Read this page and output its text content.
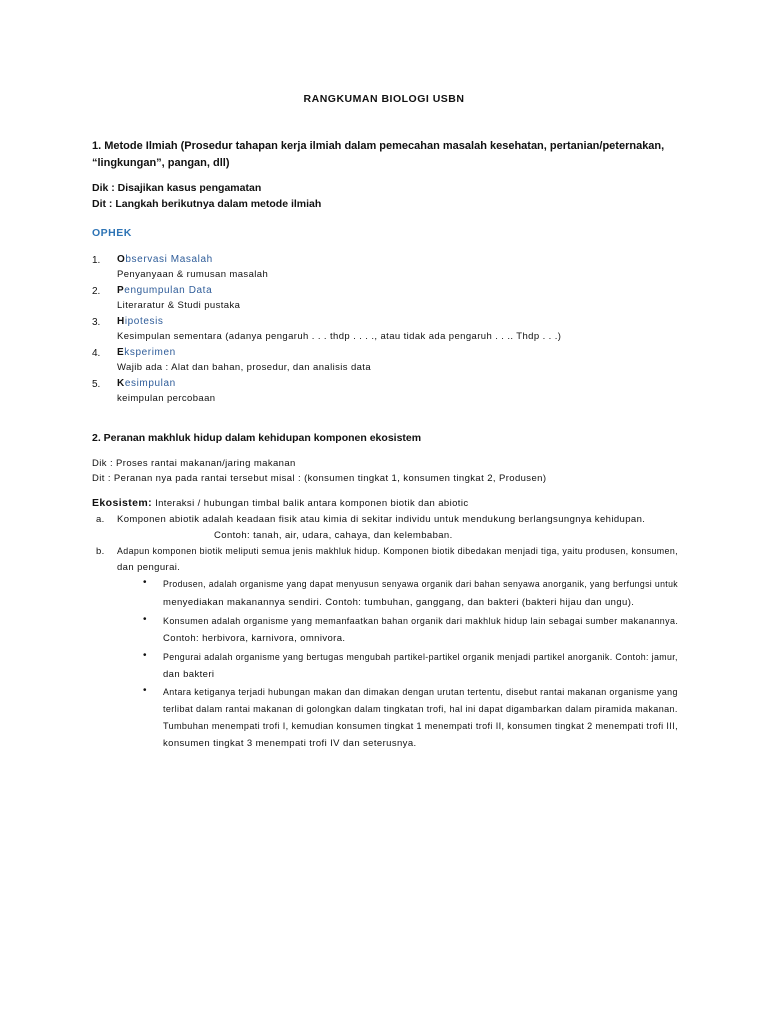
RANGKUMAN BIOLOGI USBN
1. Metode Ilmiah (Prosedur tahapan kerja ilmiah dalam pemecahan masalah kesehatan, pertanian/peternakan,
“lingkungan”, pangan, dll)
Dik : Disajikan kasus pengamatan
Dit : Langkah berikutnya dalam metode ilmiah
OPHEK
1. Observasi Masalah
Penyanyaan & rumusan masalah
2. Pengumpulan Data
Literaratur & Studi pustaka
3. Hipotesis
Kesimpulan sementara (adanya pengaruh . . . thdp . . . ., atau tidak ada pengaruh . . .. Thdp . . .)
4. Eksperimen
Wajib ada : Alat dan bahan, prosedur, dan analisis data
5. Kesimpulan
keimpulan percobaan
2. Peranan makhluk hidup dalam kehidupan komponen ekosistem
Dik : Proses rantai makanan/jaring makanan
Dit : Peranan nya pada rantai tersebut misal : (konsumen tingkat 1, konsumen tingkat 2, Produsen)
Ekosistem: Interaksi / hubungan timbal balik antara komponen biotik dan abiotic
a. Komponen abiotik adalah keadaan fisik atau kimia di sekitar individu untuk mendukung berlangsungnya kehidupan.
Contoh: tanah, air, udara, cahaya, dan kelembaban.
b. Adapun komponen biotik meliputi semua jenis makhluk hidup. Komponen biotik dibedakan menjadi tiga, yaitu produsen, konsumen,
dan pengurai.
• Produsen, adalah organisme yang dapat menyusun senyawa organik dari bahan senyawa anorganik, yang berfungsi untuk
menyediakan makanannya sendiri. Contoh: tumbuhan, ganggang, dan bakteri (bakteri hijau dan ungu).
• Konsumen adalah organisme yang memanfaatkan bahan organik dari makhluk hidup lain sebagai sumber makanannya.
Contoh: herbivora, karnivora, omnivora.
• Pengurai adalah organisme yang bertugas mengubah partikel-partikel organik menjadi partikel anorganik. Contoh: jamur,
dan bakteri
• Antara ketiganya terjadi hubungan makan dan dimakan dengan urutan tertentu, disebut rantai makanan organisme yang
terlibat dalam rantai makanan di golongkan dalam tingkatan trofi, hal ini dapat digambarkan dalam piramida makanan.
Tumbuhan menempati trofi I, kemudian konsumen tingkat 1 menempati trofi II, konsumen tingkat 2 menempati trofi III,
konsumen tingkat 3 menempati trofi IV dan seterusnya.
